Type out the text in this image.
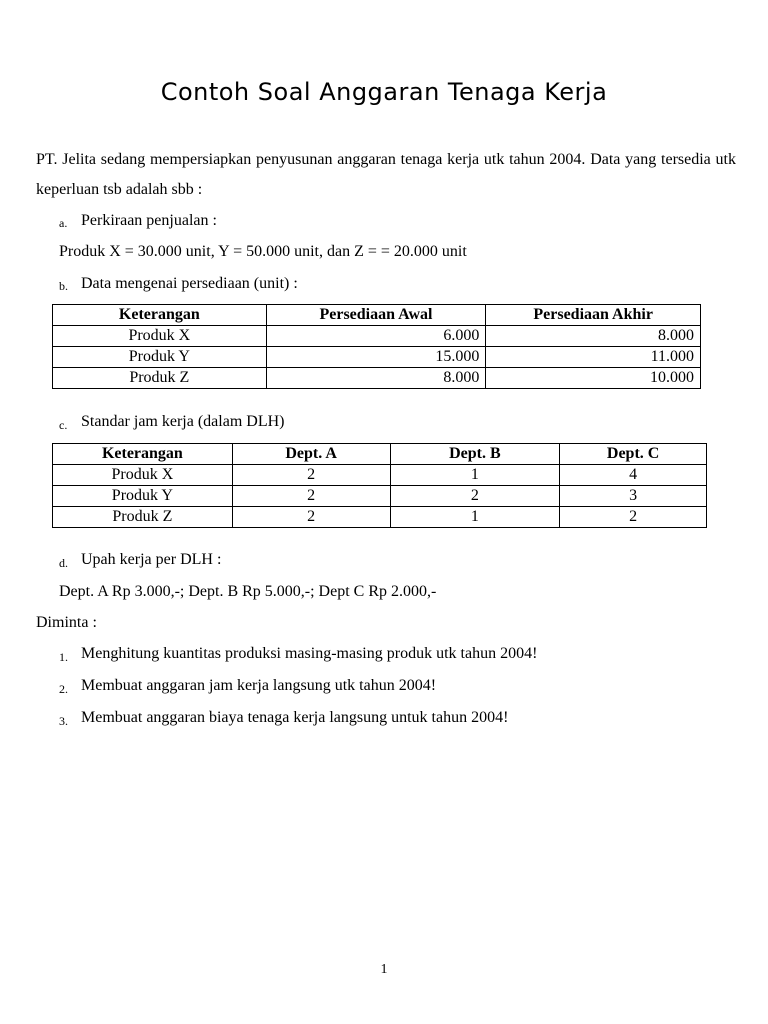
Contoh Soal Anggaran Tenaga Kerja
PT. Jelita sedang mempersiapkan penyusunan anggaran tenaga kerja utk tahun 2004. Data yang tersedia utk keperluan tsb adalah sbb :
a. Perkiraan penjualan :
Produk X = 30.000 unit, Y = 50.000 unit, dan Z = = 20.000 unit
b. Data mengenai persediaan (unit) :
Keterangan	Persediaan Awal	Persediaan Akhir
Produk X	6.000	8.000
Produk Y	15.000	11.000
Produk Z	8.000	10.000
c. Standar jam kerja (dalam DLH)
Keterangan	Dept. A	Dept. B	Dept. C
Produk X	2	1	4
Produk Y	2	2	3
Produk Z	2	1	2
d. Upah kerja per DLH :
Dept. A Rp 3.000,-; Dept. B Rp 5.000,-; Dept C Rp 2.000,-
Diminta :
1. Menghitung kuantitas produksi masing-masing produk utk tahun 2004!
2. Membuat anggaran jam kerja langsung utk tahun 2004!
3. Membuat anggaran biaya tenaga kerja langsung untuk tahun 2004!
1
